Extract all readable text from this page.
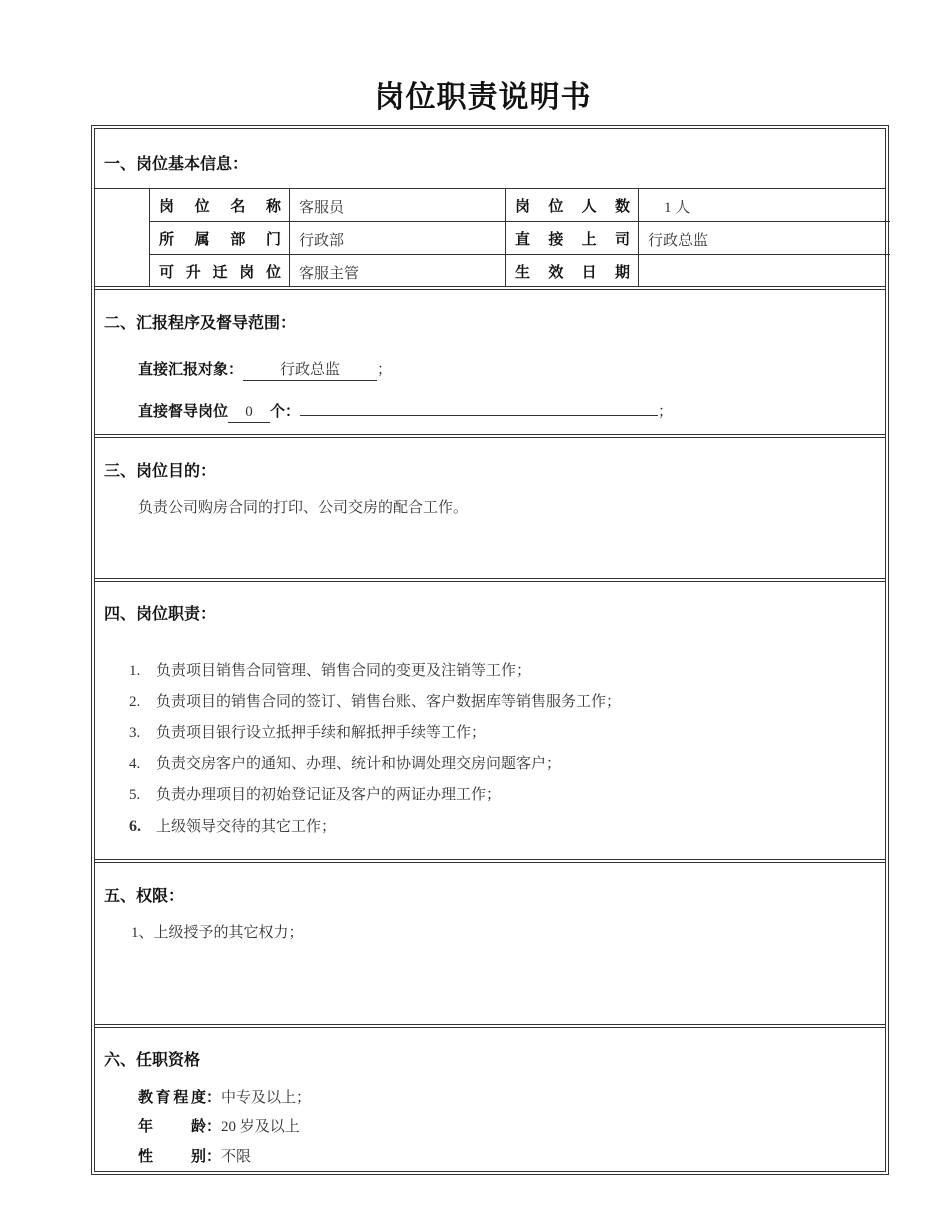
岗位职责说明书
一、岗位基本信息：
岗 位 名 称 客服员	岗 位 人 数 1 人
所 属 部 门 行政部	直 接 上 司 行政总监
可 升 迁 岗 位 客服主管	生 效 日 期
二、汇报程序及督导范围：
直接汇报对象： 行政总监 ；
直接督导岗位 0 个：	；
三、岗位目的：
负责公司购房合同的打印、公司交房的配合工作。
四、岗位职责：
1. 负责项目销售合同管理、销售合同的变更及注销等工作；
2. 负责项目的销售合同的签订、销售台账、客户数据库等销售服务工作；
3. 负责项目银行设立抵押手续和解抵押手续等工作；
4. 负责交房客户的通知、办理、统计和协调处理交房问题客户；
5. 负责办理项目的初始登记证及客户的两证办理工作；
6. 上级领导交待的其它工作；
五、权限：
1、上级授予的其它权力；
六、任职资格
教 育 程 度 ：中专及以上；
年	龄 ：20 岁及以上
性	别 ：不限
